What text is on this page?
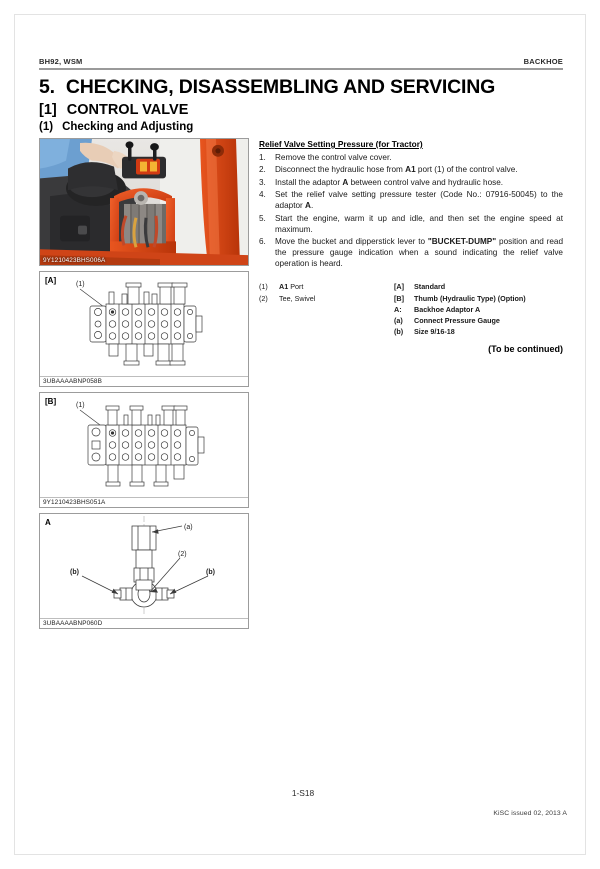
BH92, WSM	BACKHOE
5. CHECKING, DISASSEMBLING AND SERVICING
[1] CONTROL VALVE
(1) Checking and Adjusting
9Y1210423BHS006A
[A]	(1)
3UBAAAABNP058B
[B]	(1)
9Y1210423BHS051A
A
(a)
(2)
(b)	(b)
3UBAAAABNP060D
Relief Valve Setting Pressure (for Tractor)
1.	Remove the control valve cover.
2.	Disconnect the hydraulic hose from A1 port (1) of the control valve.
3.	Install the adaptor A between control valve and hydraulic hose.
4.	Set the relief valve setting pressure tester (Code No.: 07916-50045) to the adaptor A.
5.	Start the engine, warm it up and idle, and then set the engine speed at maximum.
6.	Move the bucket and dipperstick lever to "BUCKET-DUMP" position and read the pressure gauge indication when a sound indicating the relief valve operation is heard.
(1)	A1 Port
(2)	Tee, Swivel
[A]	Standard
[B]	Thumb (Hydraulic Type) (Option)
A:	Backhoe Adaptor A
(a)	Connect Pressure Gauge
(b)	Size 9/16-18
(To be continued)
1-S18
KiSC issued 02, 2013 A
